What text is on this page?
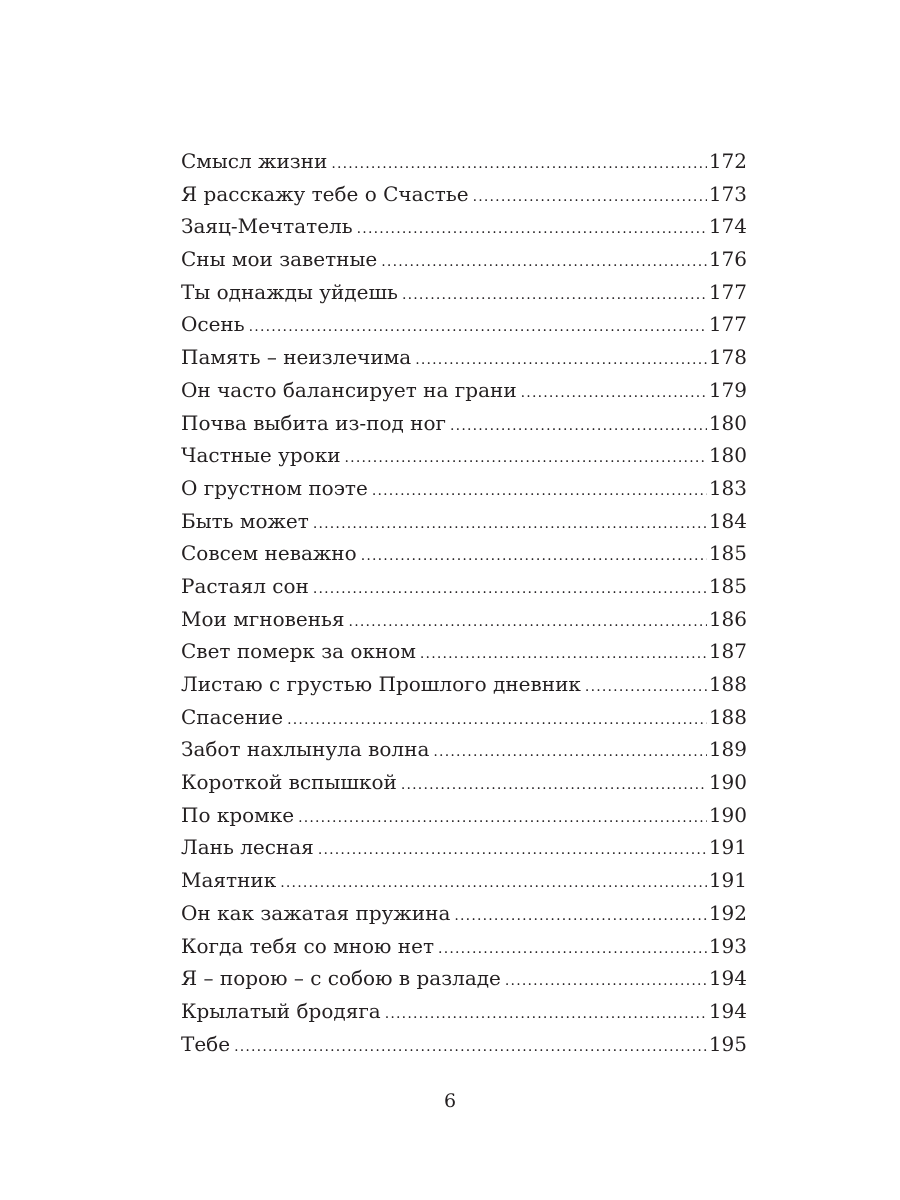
Смысл жизни .....	172
Я расскажу тебе о Счастье .....	173
Заяц-Мечтатель .....	174
Сны мои заветные .....	176
Ты однажды уйдешь .....	177
Осень .....	177
Память – неизлечима .....	178
Он часто балансирует на грани .....	179
Почва выбита из-под ног .....	180
Частные уроки .....	180
О грустном поэте .....	183
Быть может .....	184
Совсем неважно .....	185
Растаял сон .....	185
Мои мгновенья .....	186
Свет померк за окном .....	187
Листаю с грустью Прошлого дневник .....	188
Спасение .....	188
Забот нахлынула волна .....	189
Короткой вспышкой .....	190
По кромке .....	190
Лань лесная .....	191
Маятник .....	191
Он как зажатая пружина .....	192
Когда тебя со мною нет .....	193
Я – порою – с собою в разладе .....	194
Крылатый бродяга .....	194
Тебе .....	195
6
